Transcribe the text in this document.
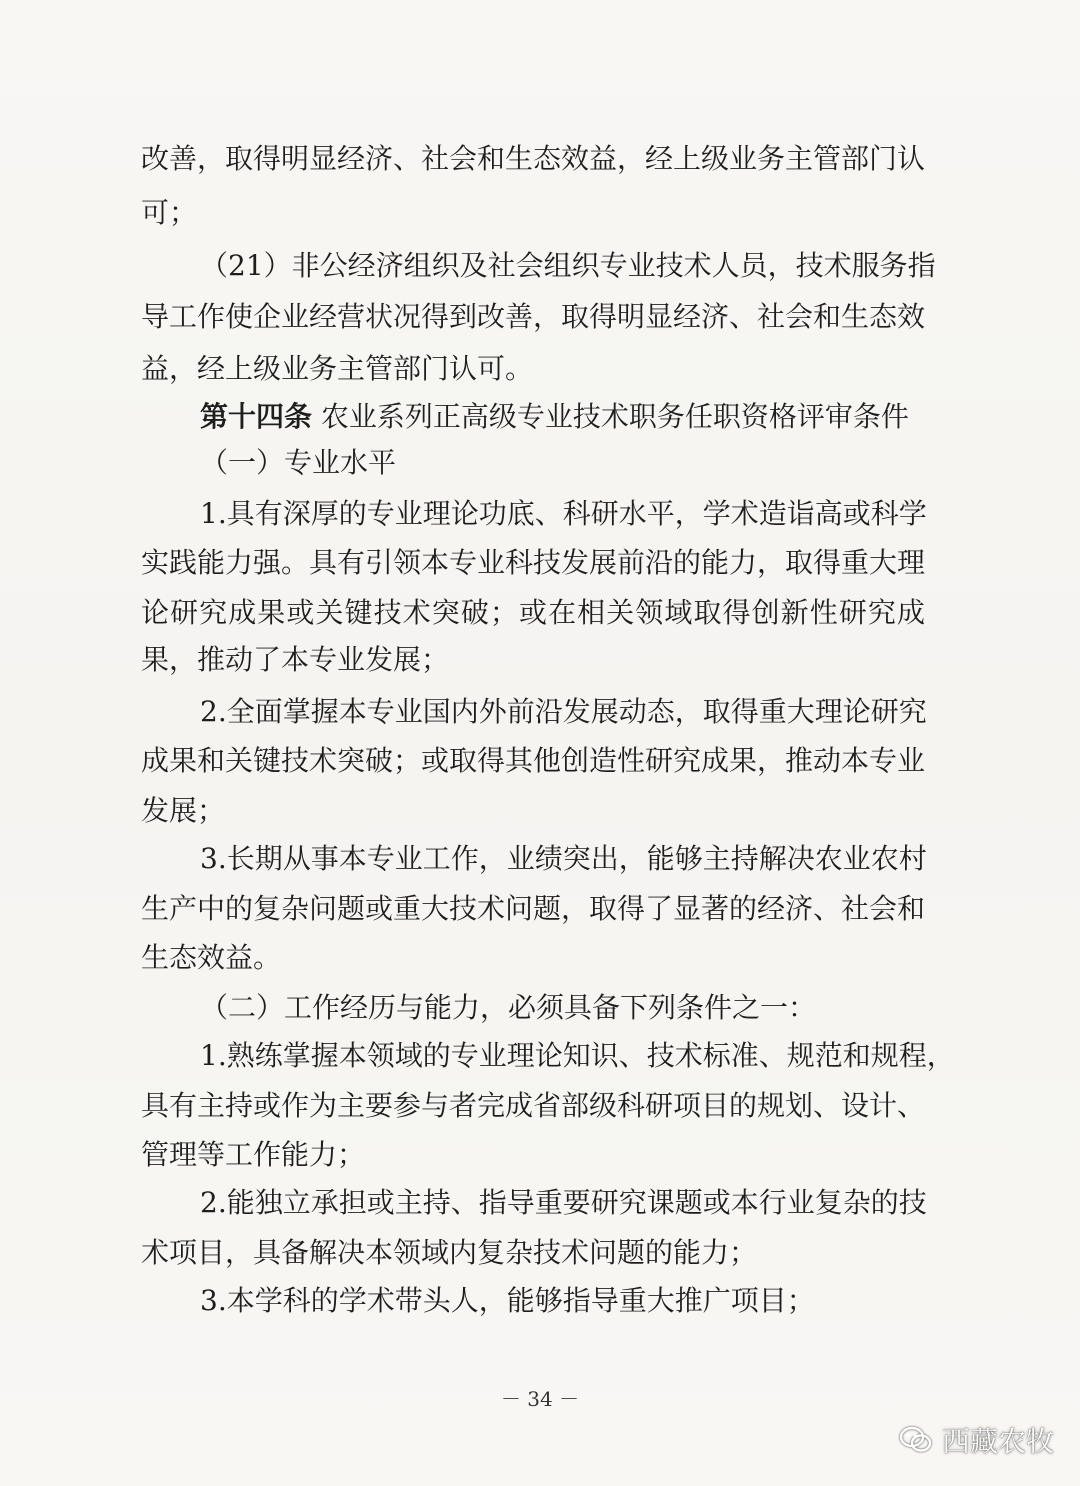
改善，取得明显经济、社会和生态效益，经上级业务主管部门认
可；
（21）非公经济组织及社会组织专业技术人员，技术服务指
导工作使企业经营状况得到改善，取得明显经济、社会和生态效
益，经上级业务主管部门认可。
第十四条 农业系列正高级专业技术职务任职资格评审条件
（一）专业水平
1.具有深厚的专业理论功底、科研水平，学术造诣高或科学
实践能力强。具有引领本专业科技发展前沿的能力，取得重大理
论研究成果或关键技术突破；或在相关领域取得创新性研究成
果，推动了本专业发展；
2.全面掌握本专业国内外前沿发展动态，取得重大理论研究
成果和关键技术突破；或取得其他创造性研究成果，推动本专业
发展；
3.长期从事本专业工作，业绩突出，能够主持解决农业农村
生产中的复杂问题或重大技术问题，取得了显著的经济、社会和
生态效益。
（二）工作经历与能力，必须具备下列条件之一：
1.熟练掌握本领域的专业理论知识、技术标准、规范和规程，
具有主持或作为主要参与者完成省部级科研项目的规划、设计、
管理等工作能力；
2.能独立承担或主持、指导重要研究课题或本行业复杂的技
术项目，具备解决本领域内复杂技术问题的能力；
3.本学科的学术带头人，能够指导重大推广项目；
－ 34 －
西藏农牧
